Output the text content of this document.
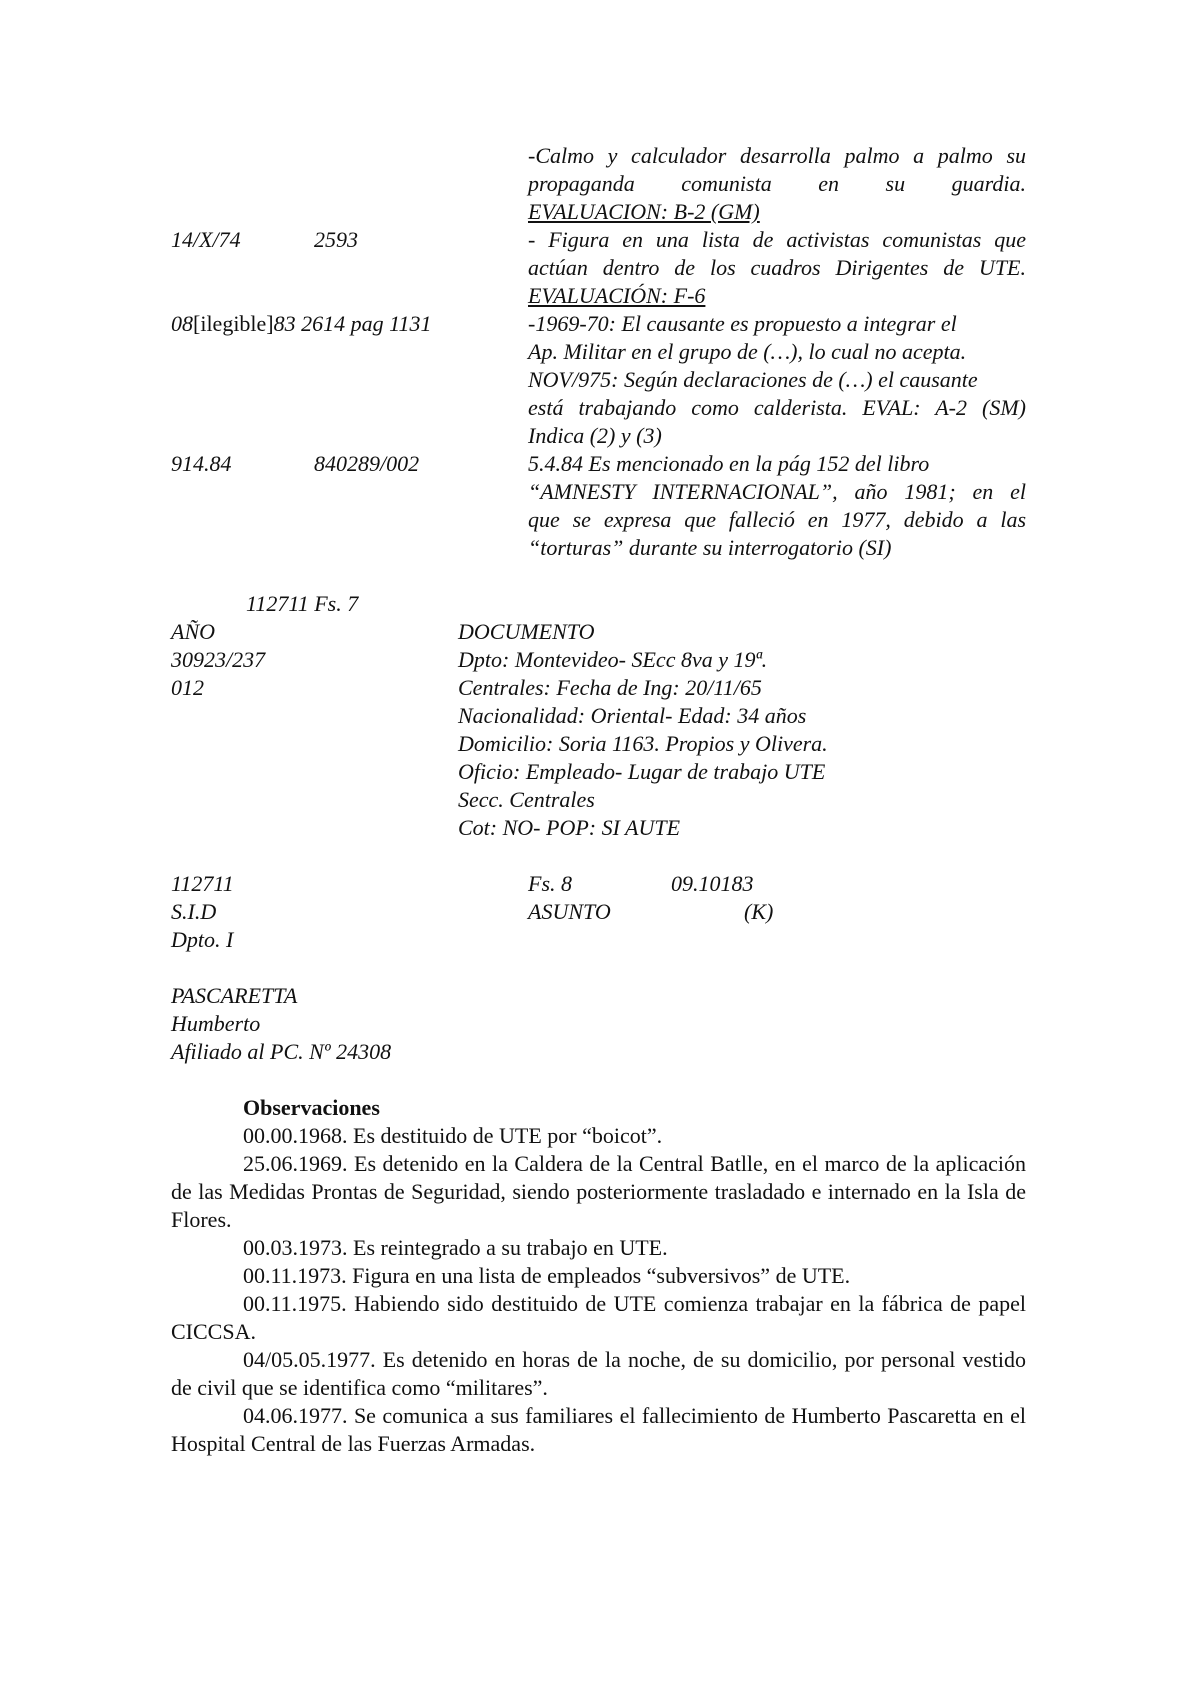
-Calmo y calculador desarrolla palmo a palmo su
propaganda comunista en su guardia.
EVALUACION: B-2 (GM)
14/X/74	2593	- Figura en una lista de activistas comunistas que
actúan dentro de los cuadros Dirigentes de UTE.
EVALUACIÓN: F-6
08[ilegible]83 2614 pag 1131	-1969-70: El causante es propuesto a integrar el
Ap. Militar en el grupo de (…), lo cual no acepta.
NOV/975: Según declaraciones de (…) el causante
está trabajando como calderista. EVAL: A-2 (SM)
Indica (2) y (3)
914.84	840289/002	5.4.84 Es mencionado en la pág 152 del libro
“AMNESTY INTERNACIONAL”, año 1981; en el
que se expresa que falleció en 1977, debido a las
“torturas” durante su interrogatorio (SI)
112711 Fs. 7
AÑO	DOCUMENTO
30923/237
012
Dpto: Montevideo- SEcc 8va y 19ª.
Centrales: Fecha de Ing: 20/11/65
Nacionalidad: Oriental- Edad: 34 años
Domicilio: Soria 1163. Propios y Olivera.
Oficio: Empleado- Lugar de trabajo UTE
Secc. Centrales
Cot: NO- POP: SI AUTE
112711	Fs. 8	09.10183
S.I.D	ASUNTO	(K)
Dpto. I
PASCARETTA
Humberto
Afiliado al PC. Nº 24308
Observaciones

00.00.1968. Es destituido de UTE por “boicot”.

25.06.1969. Es detenido en la Caldera de la Central Batlle, en el marco de la aplicación de las Medidas Prontas de Seguridad, siendo posteriormente trasladado e internado en la Isla de Flores.

00.03.1973. Es reintegrado a su trabajo en UTE.

00.11.1973. Figura en una lista de empleados “subversivos” de UTE.

00.11.1975. Habiendo sido destituido de UTE comienza trabajar en la fábrica de papel CICCSA.

04/05.05.1977. Es detenido en horas de la noche, de su domicilio, por personal vestido de civil que se identifica como “militares”.

04.06.1977. Se comunica a sus familiares el fallecimiento de Humberto Pascaretta en el Hospital Central de las Fuerzas Armadas.
